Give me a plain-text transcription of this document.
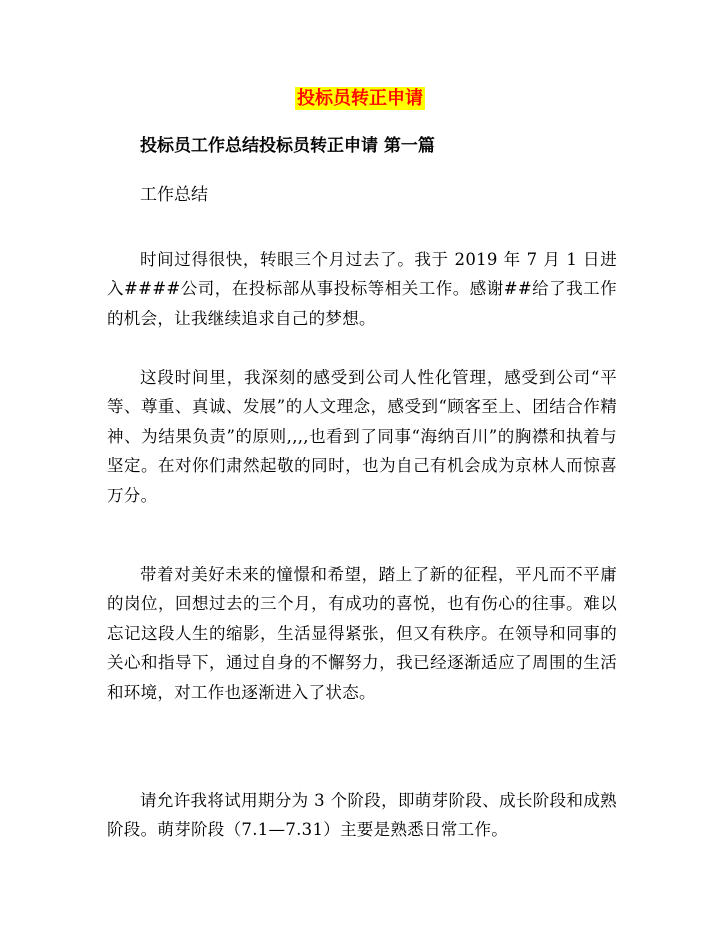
投标员转正申请
投标员工作总结投标员转正申请 第一篇
工作总结

时间过得很快，转眼三个月过去了。我于 2019 年 7 月 1 日进入####公司，在投标部从事投标等相关工作。感谢##给了我工作的机会，让我继续追求自己的梦想。

这段时间里，我深刻的感受到公司人性化管理，感受到公司“平等、尊重、真诚、发展”的人文理念，感受到“顾客至上、团结合作精神、为结果负责”的原则,,,,也看到了同事“海纳百川”的胸襟和执着与坚定。在对你们肃然起敬的同时，也为自己有机会成为京林人而惊喜万分。

带着对美好未来的憧憬和希望，踏上了新的征程，平凡而不平庸的岗位，回想过去的三个月，有成功的喜悦，也有伤心的往事。难以忘记这段人生的缩影，生活显得紧张，但又有秩序。在领导和同事的关心和指导下，通过自身的不懈努力，我已经逐渐适应了周围的生活和环境，对工作也逐渐进入了状态。

请允许我将试用期分为 3 个阶段，即萌芽阶段、成长阶段和成熟阶段。萌芽阶段（7.1—7.31）主要是熟悉日常工作。
